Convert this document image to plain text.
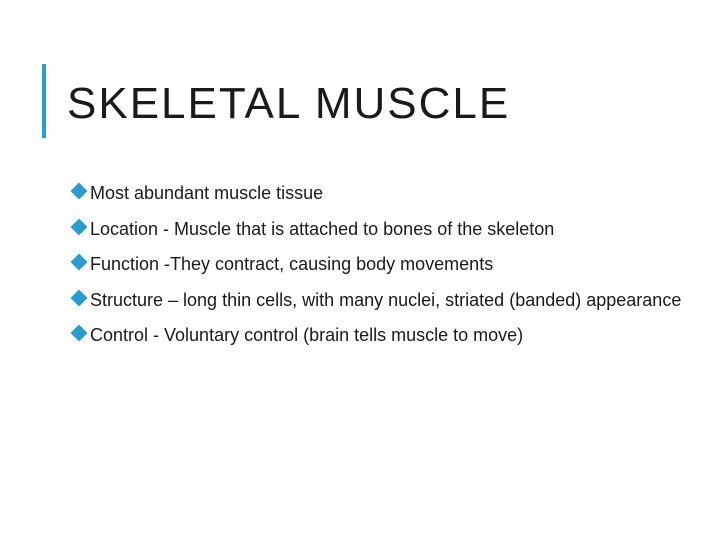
SKELETAL MUSCLE
Most abundant muscle tissue
Location - Muscle that is attached to bones of the skeleton
Function -They contract, causing body movements
Structure – long thin cells, with many nuclei, striated (banded) appearance
Control - Voluntary control (brain tells muscle to move)
